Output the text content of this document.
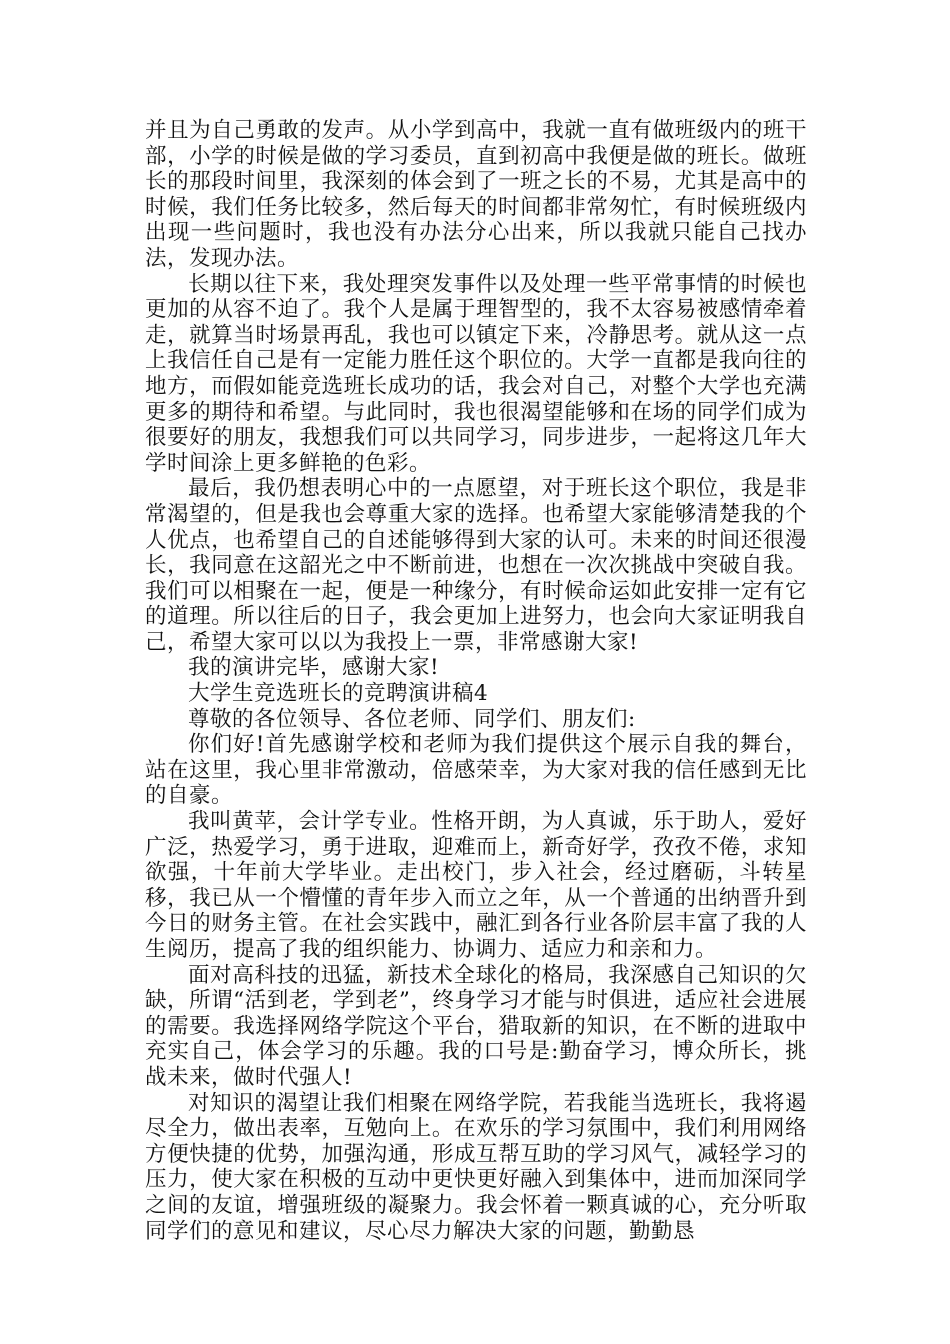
并且为自己勇敢的发声。从小学到高中，我就一直有做班级内的班干部，小学的时候是做的学习委员，直到初高中我便是做的班长。做班长的那段时间里，我深刻的体会到了一班之长的不易，尤其是高中的时候，我们任务比较多，然后每天的时间都非常匆忙，有时候班级内出现一些问题时，我也没有办法分心出来，所以我就只能自己找办法，发现办法。

长期以往下来，我处理突发事件以及处理一些平常事情的时候也更加的从容不迫了。我个人是属于理智型的，我不太容易被感情牵着走，就算当时场景再乱，我也可以镇定下来，冷静思考。就从这一点上我信任自己是有一定能力胜任这个职位的。大学一直都是我向往的地方，而假如能竞选班长成功的话，我会对自己，对整个大学也充满更多的期待和希望。与此同时，我也很渴望能够和在场的同学们成为很要好的朋友，我想我们可以共同学习，同步进步，一起将这几年大学时间涂上更多鲜艳的色彩。

最后，我仍想表明心中的一点愿望，对于班长这个职位，我是非常渴望的，但是我也会尊重大家的选择。也希望大家能够清楚我的个人优点，也希望自己的自述能够得到大家的认可。未来的时间还很漫长，我同意在这韶光之中不断前进，也想在一次次挑战中突破自我。我们可以相聚在一起，便是一种缘分，有时候命运如此安排一定有它的道理。所以往后的日子，我会更加上进努力，也会向大家证明我自己，希望大家可以以为我投上一票，非常感谢大家!

我的演讲完毕，感谢大家!

大学生竞选班长的竞聘演讲稿4

尊敬的各位领导、各位老师、同学们、朋友们:

你们好!首先感谢学校和老师为我们提供这个展示自我的舞台，站在这里，我心里非常激动，倍感荣幸，为大家对我的信任感到无比的自豪。

我叫黄苹，会计学专业。性格开朗，为人真诚，乐于助人，爱好广泛，热爱学习，勇于进取，迎难而上，新奇好学，孜孜不倦，求知欲强，十年前大学毕业。走出校门，步入社会，经过磨砺，斗转星移，我已从一个懵懂的青年步入而立之年，从一个普通的出纳晋升到今日的财务主管。在社会实践中，融汇到各行业各阶层丰富了我的人生阅历，提高了我的组织能力、协调力、适应力和亲和力。

面对高科技的迅猛，新技术全球化的格局，我深感自己知识的欠缺，所谓“活到老，学到老”，终身学习才能与时俱进，适应社会进展的需要。我选择网络学院这个平台，猎取新的知识，在不断的进取中充实自己，体会学习的乐趣。我的口号是:勤奋学习，博众所长，挑战未来，做时代强人!

对知识的渴望让我们相聚在网络学院，若我能当选班长，我将遏尽全力，做出表率，互勉向上。在欢乐的学习氛围中，我们利用网络方便快捷的优势，加强沟通，形成互帮互助的学习风气，减轻学习的压力，使大家在积极的互动中更快更好融入到集体中，进而加深同学之间的友谊，增强班级的凝聚力。我会怀着一颗真诚的心，充分听取同学们的意见和建议，尽心尽力解决大家的问题，勤勤恳
